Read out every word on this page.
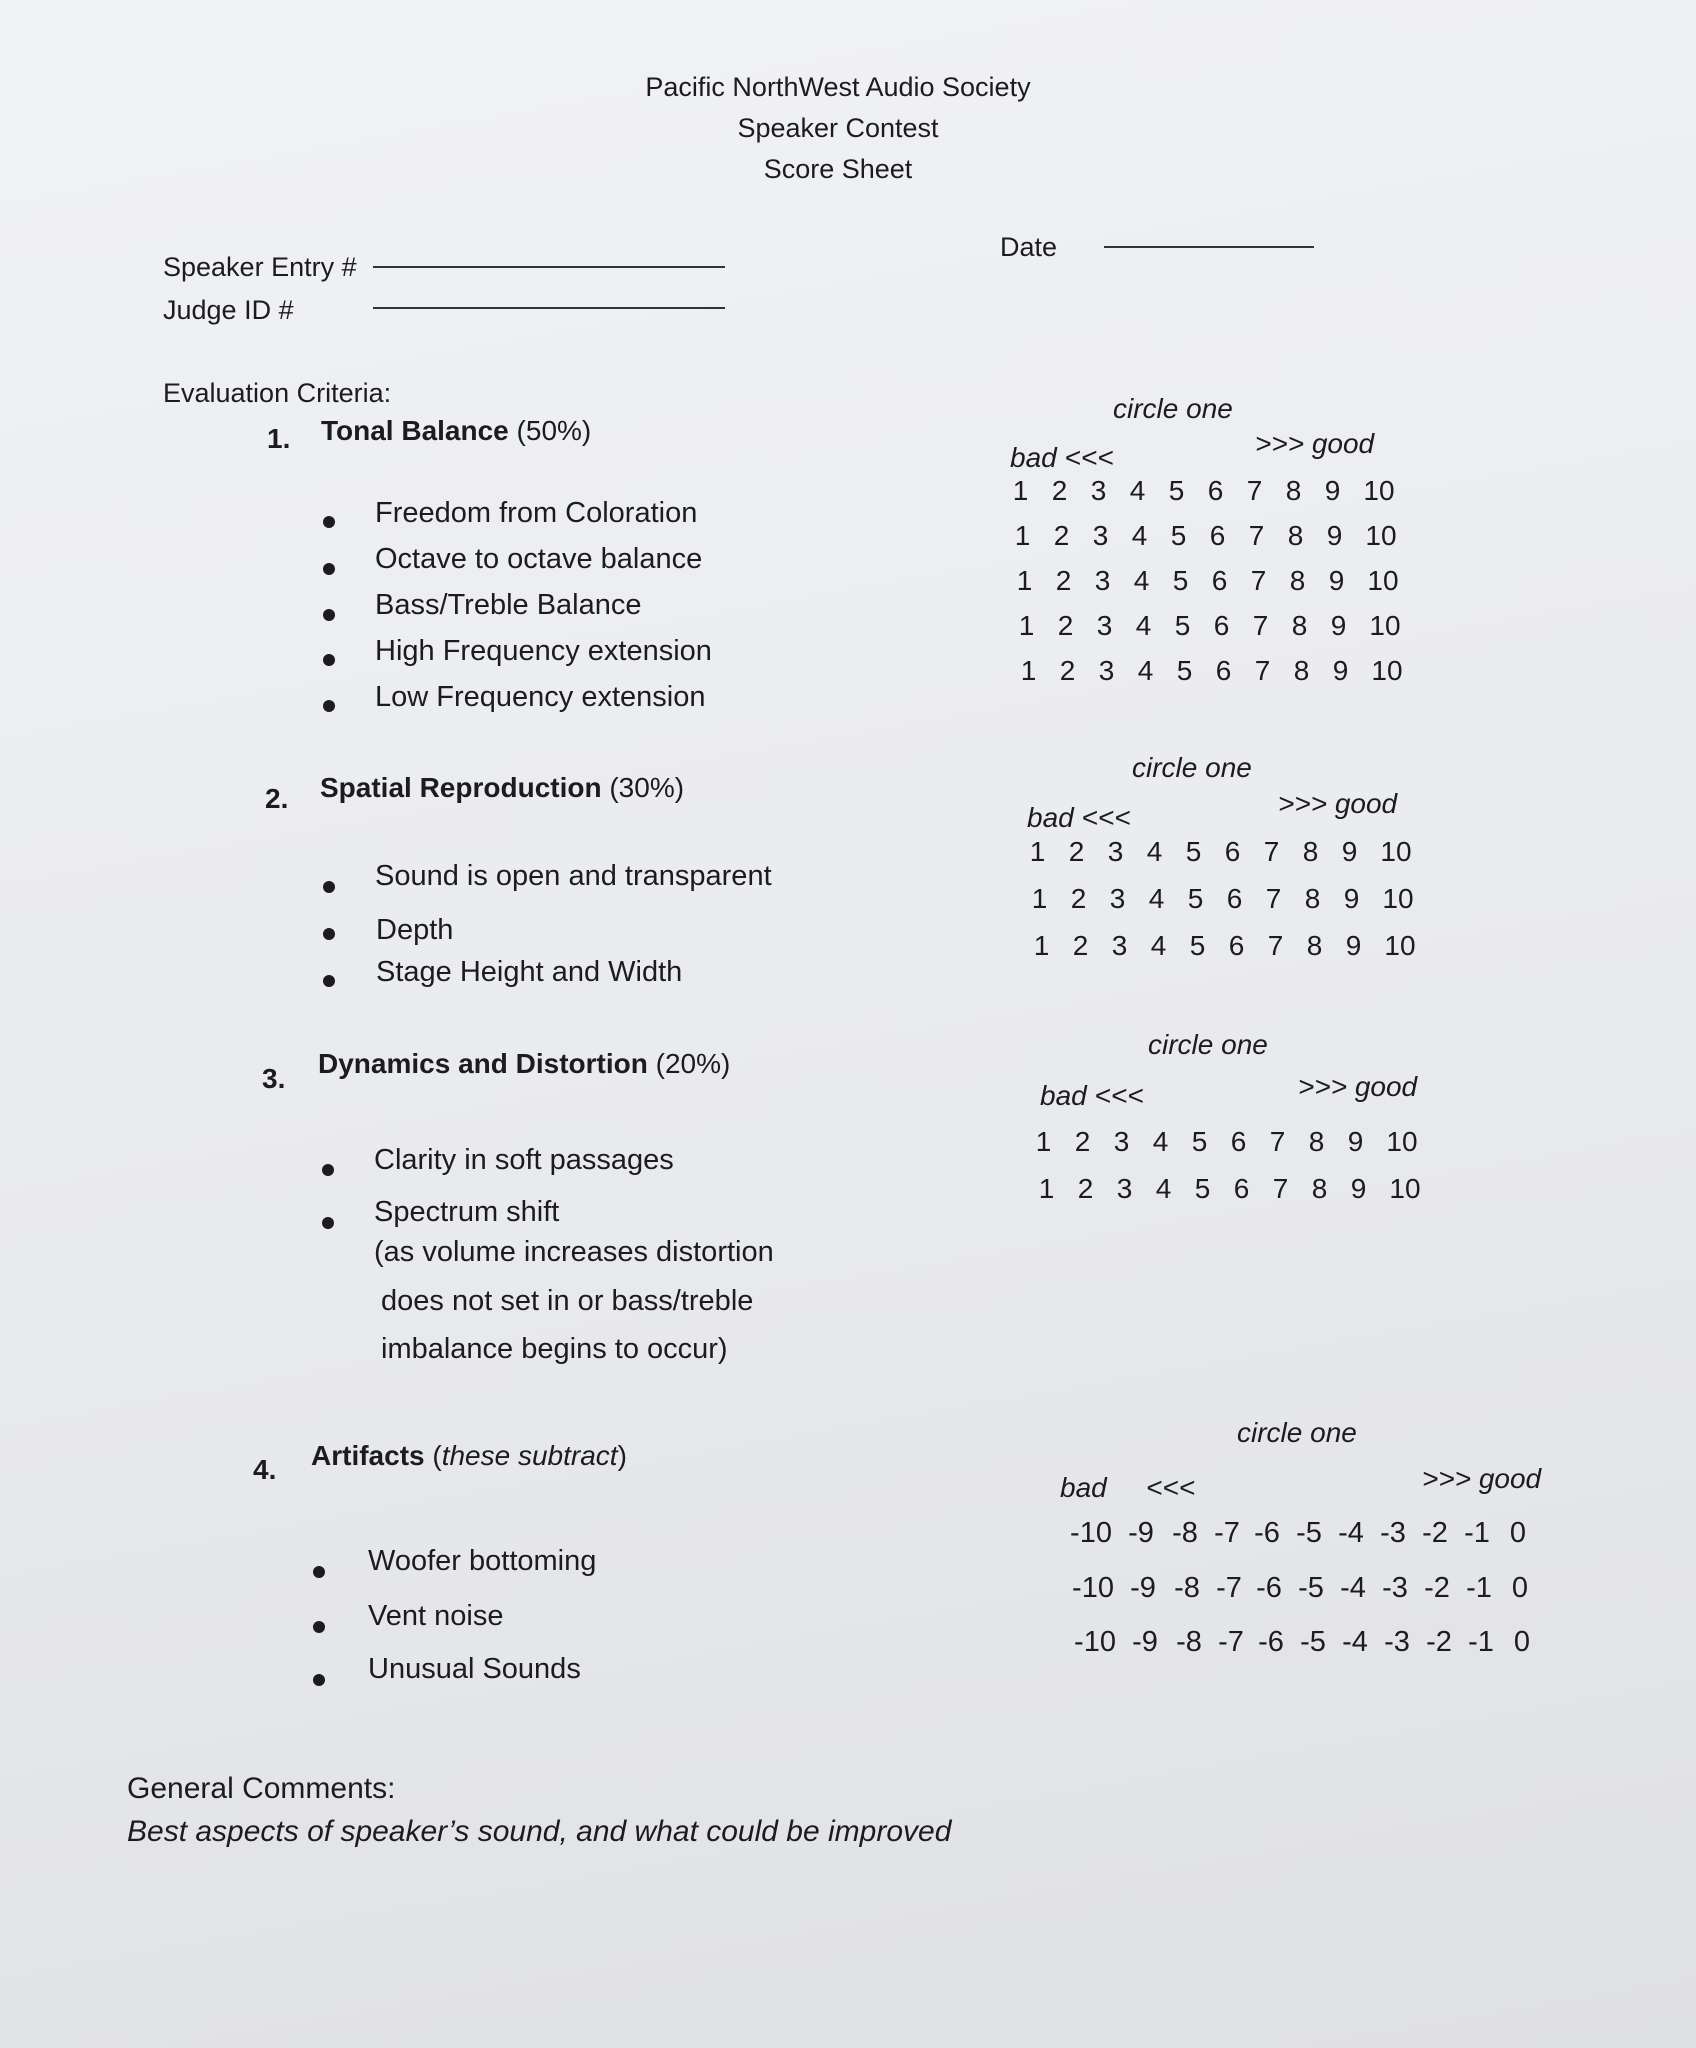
Pacific NorthWest Audio Society
Speaker Contest
Score Sheet
Speaker Entry #
Judge ID #
Date
Evaluation Criteria:
1. Tonal Balance (50%)
circle one
bad <<<	>>> good
Freedom from Coloration
Octave to octave balance
Bass/Treble Balance
High Frequency extension
Low Frequency extension
1 2 3 4 5 6 7 8 9 10
1 2 3 4 5 6 7 8 9 10
1 2 3 4 5 6 7 8 9 10
1 2 3 4 5 6 7 8 9 10
1 2 3 4 5 6 7 8 9 10
2. Spatial Reproduction (30%)
circle one
bad <<<	>>> good
Sound is open and transparent
Depth
Stage Height and Width
1 2 3 4 5 6 7 8 9 10
1 2 3 4 5 6 7 8 9 10
1 2 3 4 5 6 7 8 9 10
3. Dynamics and Distortion (20%)
circle one
bad <<<	>>> good
Clarity in soft passages
Spectrum shift
(as volume increases distortion
does not set in or bass/treble
imbalance begins to occur)
1 2 3 4 5 6 7 8 9 10
1 2 3 4 5 6 7 8 9 10
4. Artifacts (these subtract)
circle one
bad <<<	>>> good
Woofer bottoming
Vent noise
Unusual Sounds
-10 -9 -8 -7 -6 -5 -4 -3 -2 -1 0
-10 -9 -8 -7 -6 -5 -4 -3 -2 -1 0
-10 -9 -8 -7 -6 -5 -4 -3 -2 -1 0
General Comments:
Best aspects of speaker’s sound, and what could be improved
